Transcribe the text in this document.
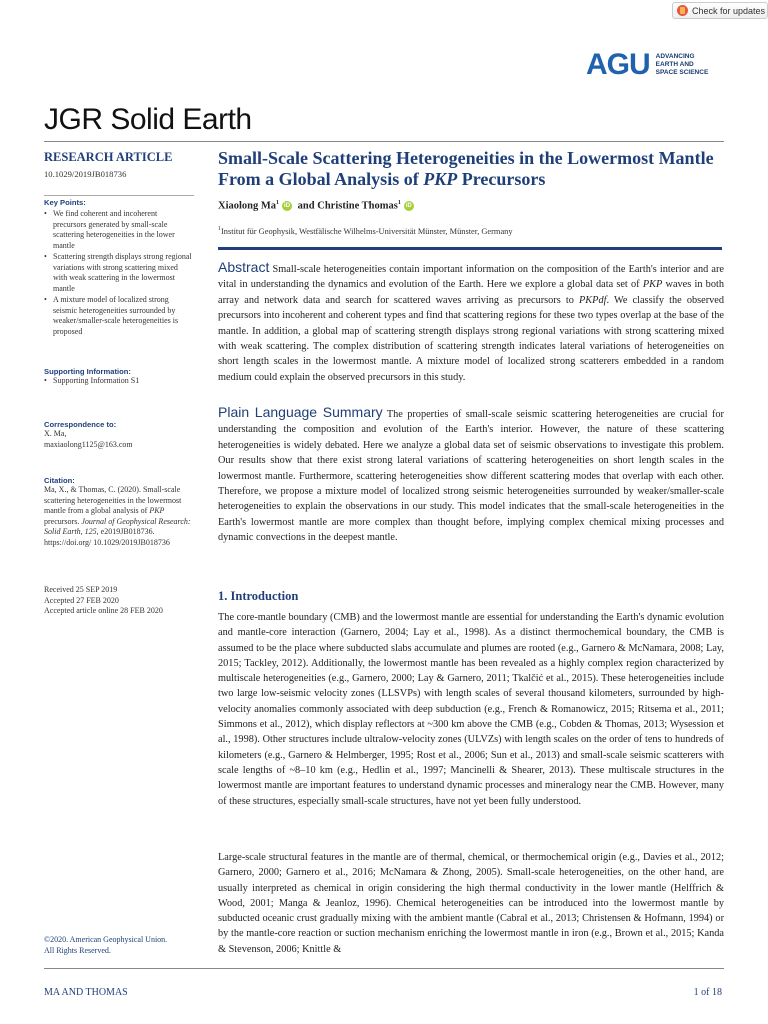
Check for updates
AGU ADVANCING
EARTH AND
SPACE SCIENCE
JGR Solid Earth
RESEARCH ARTICLE
10.1029/2019JB018736
Key Points:
• We find coherent and incoherent precursors generated by small-scale scattering heterogeneities in the lower mantle
• Scattering strength displays strong regional variations with strong scattering mixed with weak scattering in the lowermost mantle
• A mixture model of localized strong seismic heterogeneities surrounded by weaker/smaller-scale heterogeneities is proposed
Supporting Information:
• Supporting Information S1
Correspondence to:
X. Ma,
maxiaolong1125@163.com
Citation:
Ma, X., & Thomas, C. (2020). Small-scale scattering heterogeneities in the lowermost mantle from a global analysis of PKP precursors. Journal of Geophysical Research: Solid Earth, 125, e2019JB018736. https://doi.org/ 10.1029/2019JB018736
Received 25 SEP 2019
Accepted 27 FEB 2020
Accepted article online 28 FEB 2020
©2020. American Geophysical Union.
All Rights Reserved.
Small-Scale Scattering Heterogeneities in the Lowermost Mantle From a Global Analysis of PKP Precursors
Xiaolong Ma$^1$iD and Christine Thomas$^1$iD
$^1$Institut für Geophysik, Westfälische Wilhelms-Universität Münster, Münster, Germany
Abstract Small-scale heterogeneities contain important information on the composition of the Earth's interior and are vital in understanding the dynamics and evolution of the Earth. Here we explore a global data set of PKP waves in both array and network data and search for scattered waves arriving as precursors to PKPdf. We classify the observed precursors into incoherent and coherent types and find that scattering regions for these two types overlap at the base of the mantle. In addition, a global map of scattering strength displays strong regional variations with strong scattering mixed with weak scattering. The complex distribution of scattering strength indicates lateral variations of heterogeneities on short length scales in the lowermost mantle. A mixture model of localized strong scatterers embedded in a random medium could explain the observed precursors in this study.
Plain Language Summary The properties of small-scale seismic scattering heterogeneities are crucial for understanding the composition and evolution of the Earth's interior. However, the nature of these scattering heterogeneities is widely debated. Here we analyze a global data set of seismic observations to investigate this problem. Our results show that there exist strong lateral variations of scattering heterogeneities on short length scales in the lowermost mantle. Furthermore, scattering heterogeneities show different scattering modes that overlap with each other. Therefore, we propose a mixture model of localized strong seismic heterogeneities surrounded by weaker/smaller-scale heterogeneities to explain the observations in our study. This model indicates that the small-scale heterogeneities in the Earth's lowermost mantle are more complex than thought before, implying complex chemical mixing processes and dynamic convections in the deepest mantle.
1. Introduction
The core-mantle boundary (CMB) and the lowermost mantle are essential for understanding the Earth's dynamic evolution and mantle-core interaction (Garnero, 2004; Lay et al., 1998). As a distinct thermochemical boundary, the CMB is assumed to be the place where subducted slabs accumulate and plumes are rooted (e.g., Garnero & McNamara, 2008; Lay, 2015; Tackley, 2012). Additionally, the lowermost mantle has been revealed as a highly complex region characterized by multiscale heterogeneities (e.g., Garnero, 2000; Lay & Garnero, 2011; Tkalčić et al., 2015). These heterogeneities include two large low-seismic velocity zones (LLSVPs) with length scales of several thousand kilometers, surrounded by high-velocity anomalies commonly associated with deep subduction (e.g., French & Romanowicz, 2015; Ritsema et al., 2011; Simmons et al., 2012), which display reflectors at ~300 km above the CMB (e.g., Cobden & Thomas, 2013; Wysession et al., 1998). Other structures include ultralow-velocity zones (ULVZs) with length scales on the order of tens to hundreds of kilometers (e.g., Garnero & Helmberger, 1995; Rost et al., 2006; Sun et al., 2013) and small-scale seismic scatterers with scale lengths of ~8–10 km (e.g., Hedlin et al., 1997; Mancinelli & Shearer, 2013). These multiscale structures in the lowermost mantle are important features to understand dynamic processes and mineralogy near the CMB. However, many of these structures, especially small-scale structures, have not yet been fully understood.
Large-scale structural features in the mantle are of thermal, chemical, or thermochemical origin (e.g., Davies et al., 2012; Garnero, 2000; Garnero et al., 2016; McNamara & Zhong, 2005). Small-scale heterogeneities, on the other hand, are usually interpreted as chemical in origin considering the high thermal conductivity in the lower mantle (Helffrich & Wood, 2001; Manga & Jeanloz, 1996). Chemical heterogeneities can be introduced into the lowermost mantle by subducted oceanic crust gradually mixing with the ambient mantle (Cabral et al., 2013; Christensen & Hofmann, 1994) or by the mantle-core reaction or suction mechanism enriching the lowermost mantle in iron (e.g., Brown et al., 2015; Kanda & Stevenson, 2006; Knittle &
MA AND THOMAS	1 of 18
